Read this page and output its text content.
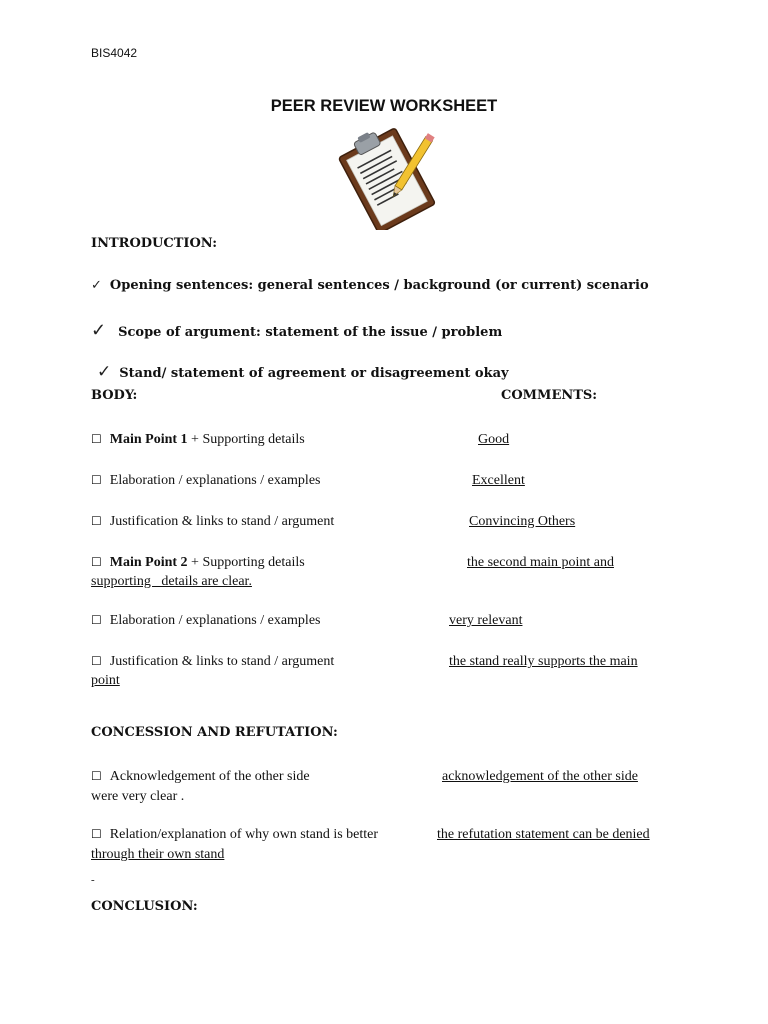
BIS4042
PEER REVIEW WORKSHEET
INTRODUCTION:
✓ Opening sentences: general sentences / background (or current) scenario
✓ Scope of argument: statement of the issue / problem
✓ Stand/ statement of agreement or disagreement okay
BODY:	COMMENTS:
☐ Main Point 1 + Supporting details	Good
☐ Elaboration / explanations / examples	Excellent
☐ Justification & links to stand / argument	Convincing Others
☐ Main Point 2 + Supporting details	the second main point and
supporting   details are clear.
☐ Elaboration / explanations / examples	very relevant
☐ Justification & links to stand / argument	the stand really supports the main
point
CONCESSION AND REFUTATION:
☐ Acknowledgement of the other side	acknowledgement of the other side
were very clear .
☐ Relation/explanation of why own stand is better	the refutation statement can be denied
through their own stand
-
CONCLUSION:
